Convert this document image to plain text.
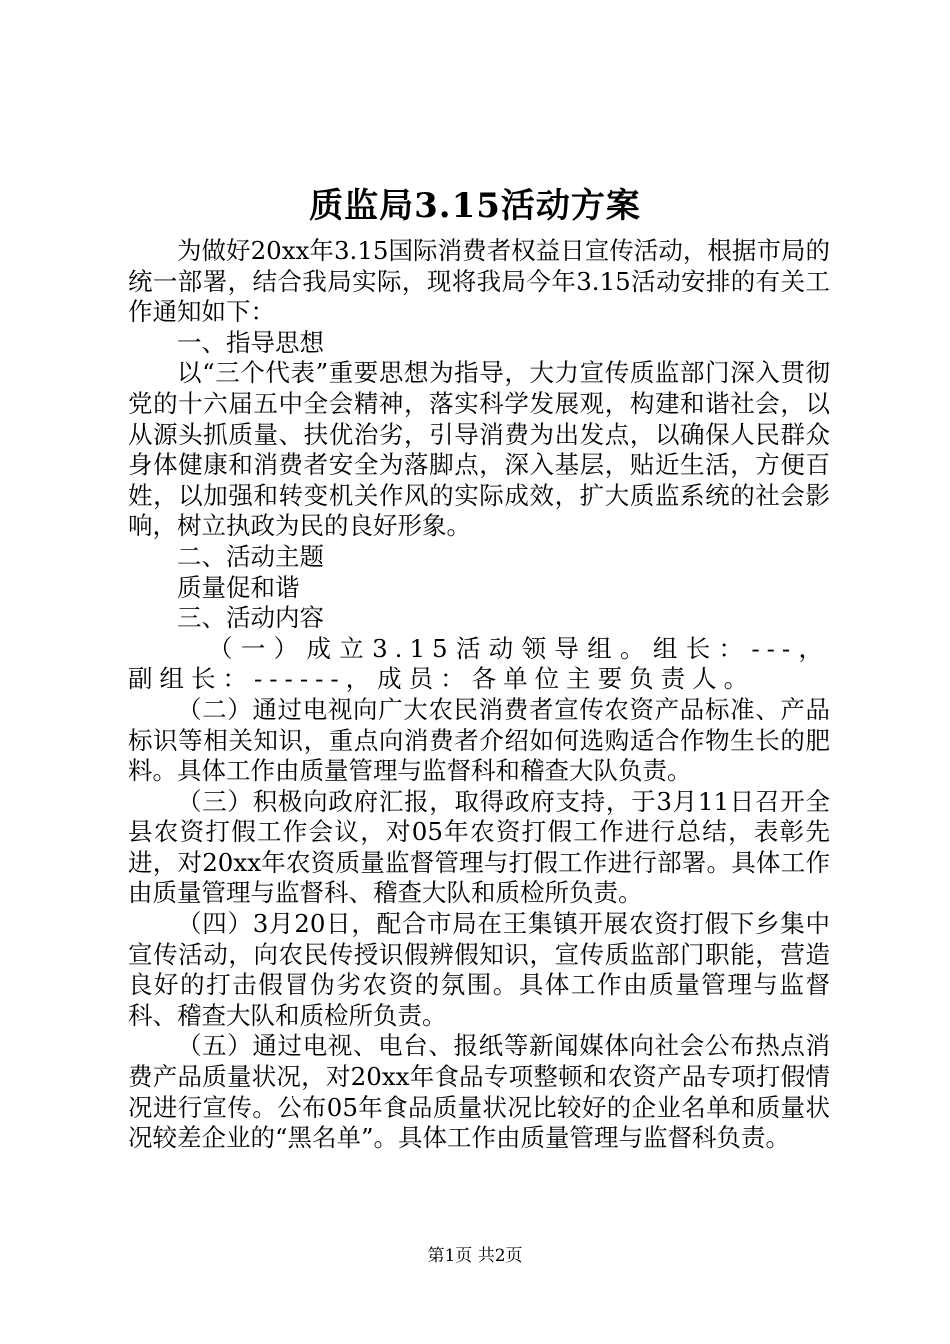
质监局3.15活动方案

为做好20xx年3.15国际消费者权益日宣传活动，根据市局的统一部署，结合我局实际，现将我局今年3.15活动安排的有关工作通知如下：

一、指导思想

以“三个代表”重要思想为指导，大力宣传质监部门深入贯彻党的十六届五中全会精神，落实科学发展观，构建和谐社会，以从源头抓质量、扶优治劣，引导消费为出发点，以确保人民群众身体健康和消费者安全为落脚点，深入基层，贴近生活，方便百姓，以加强和转变机关作风的实际成效，扩大质监系统的社会影响，树立执政为民的良好形象。

二、活动主题

质量促和谐

三、活动内容

（一）成立3.15活动领导组。组长：---，副组长：------，成员：各单位主要负责人。

（二）通过电视向广大农民消费者宣传农资产品标准、产品标识等相关知识，重点向消费者介绍如何选购适合作物生长的肥料。具体工作由质量管理与监督科和稽查大队负责。

（三）积极向政府汇报，取得政府支持，于3月11日召开全县农资打假工作会议，对05年农资打假工作进行总结，表彰先进，对20xx年农资质量监督管理与打假工作进行部署。具体工作由质量管理与监督科、稽查大队和质检所负责。

（四）3月20日，配合市局在王集镇开展农资打假下乡集中宣传活动，向农民传授识假辨假知识，宣传质监部门职能，营造良好的打击假冒伪劣农资的氛围。具体工作由质量管理与监督科、稽查大队和质检所负责。

（五）通过电视、电台、报纸等新闻媒体向社会公布热点消费产品质量状况，对20xx年食品专项整顿和农资产品专项打假情况进行宣传。公布05年食品质量状况比较好的企业名单和质量状况较差企业的“黑名单”。具体工作由质量管理与监督科负责。

第1页 共2页
